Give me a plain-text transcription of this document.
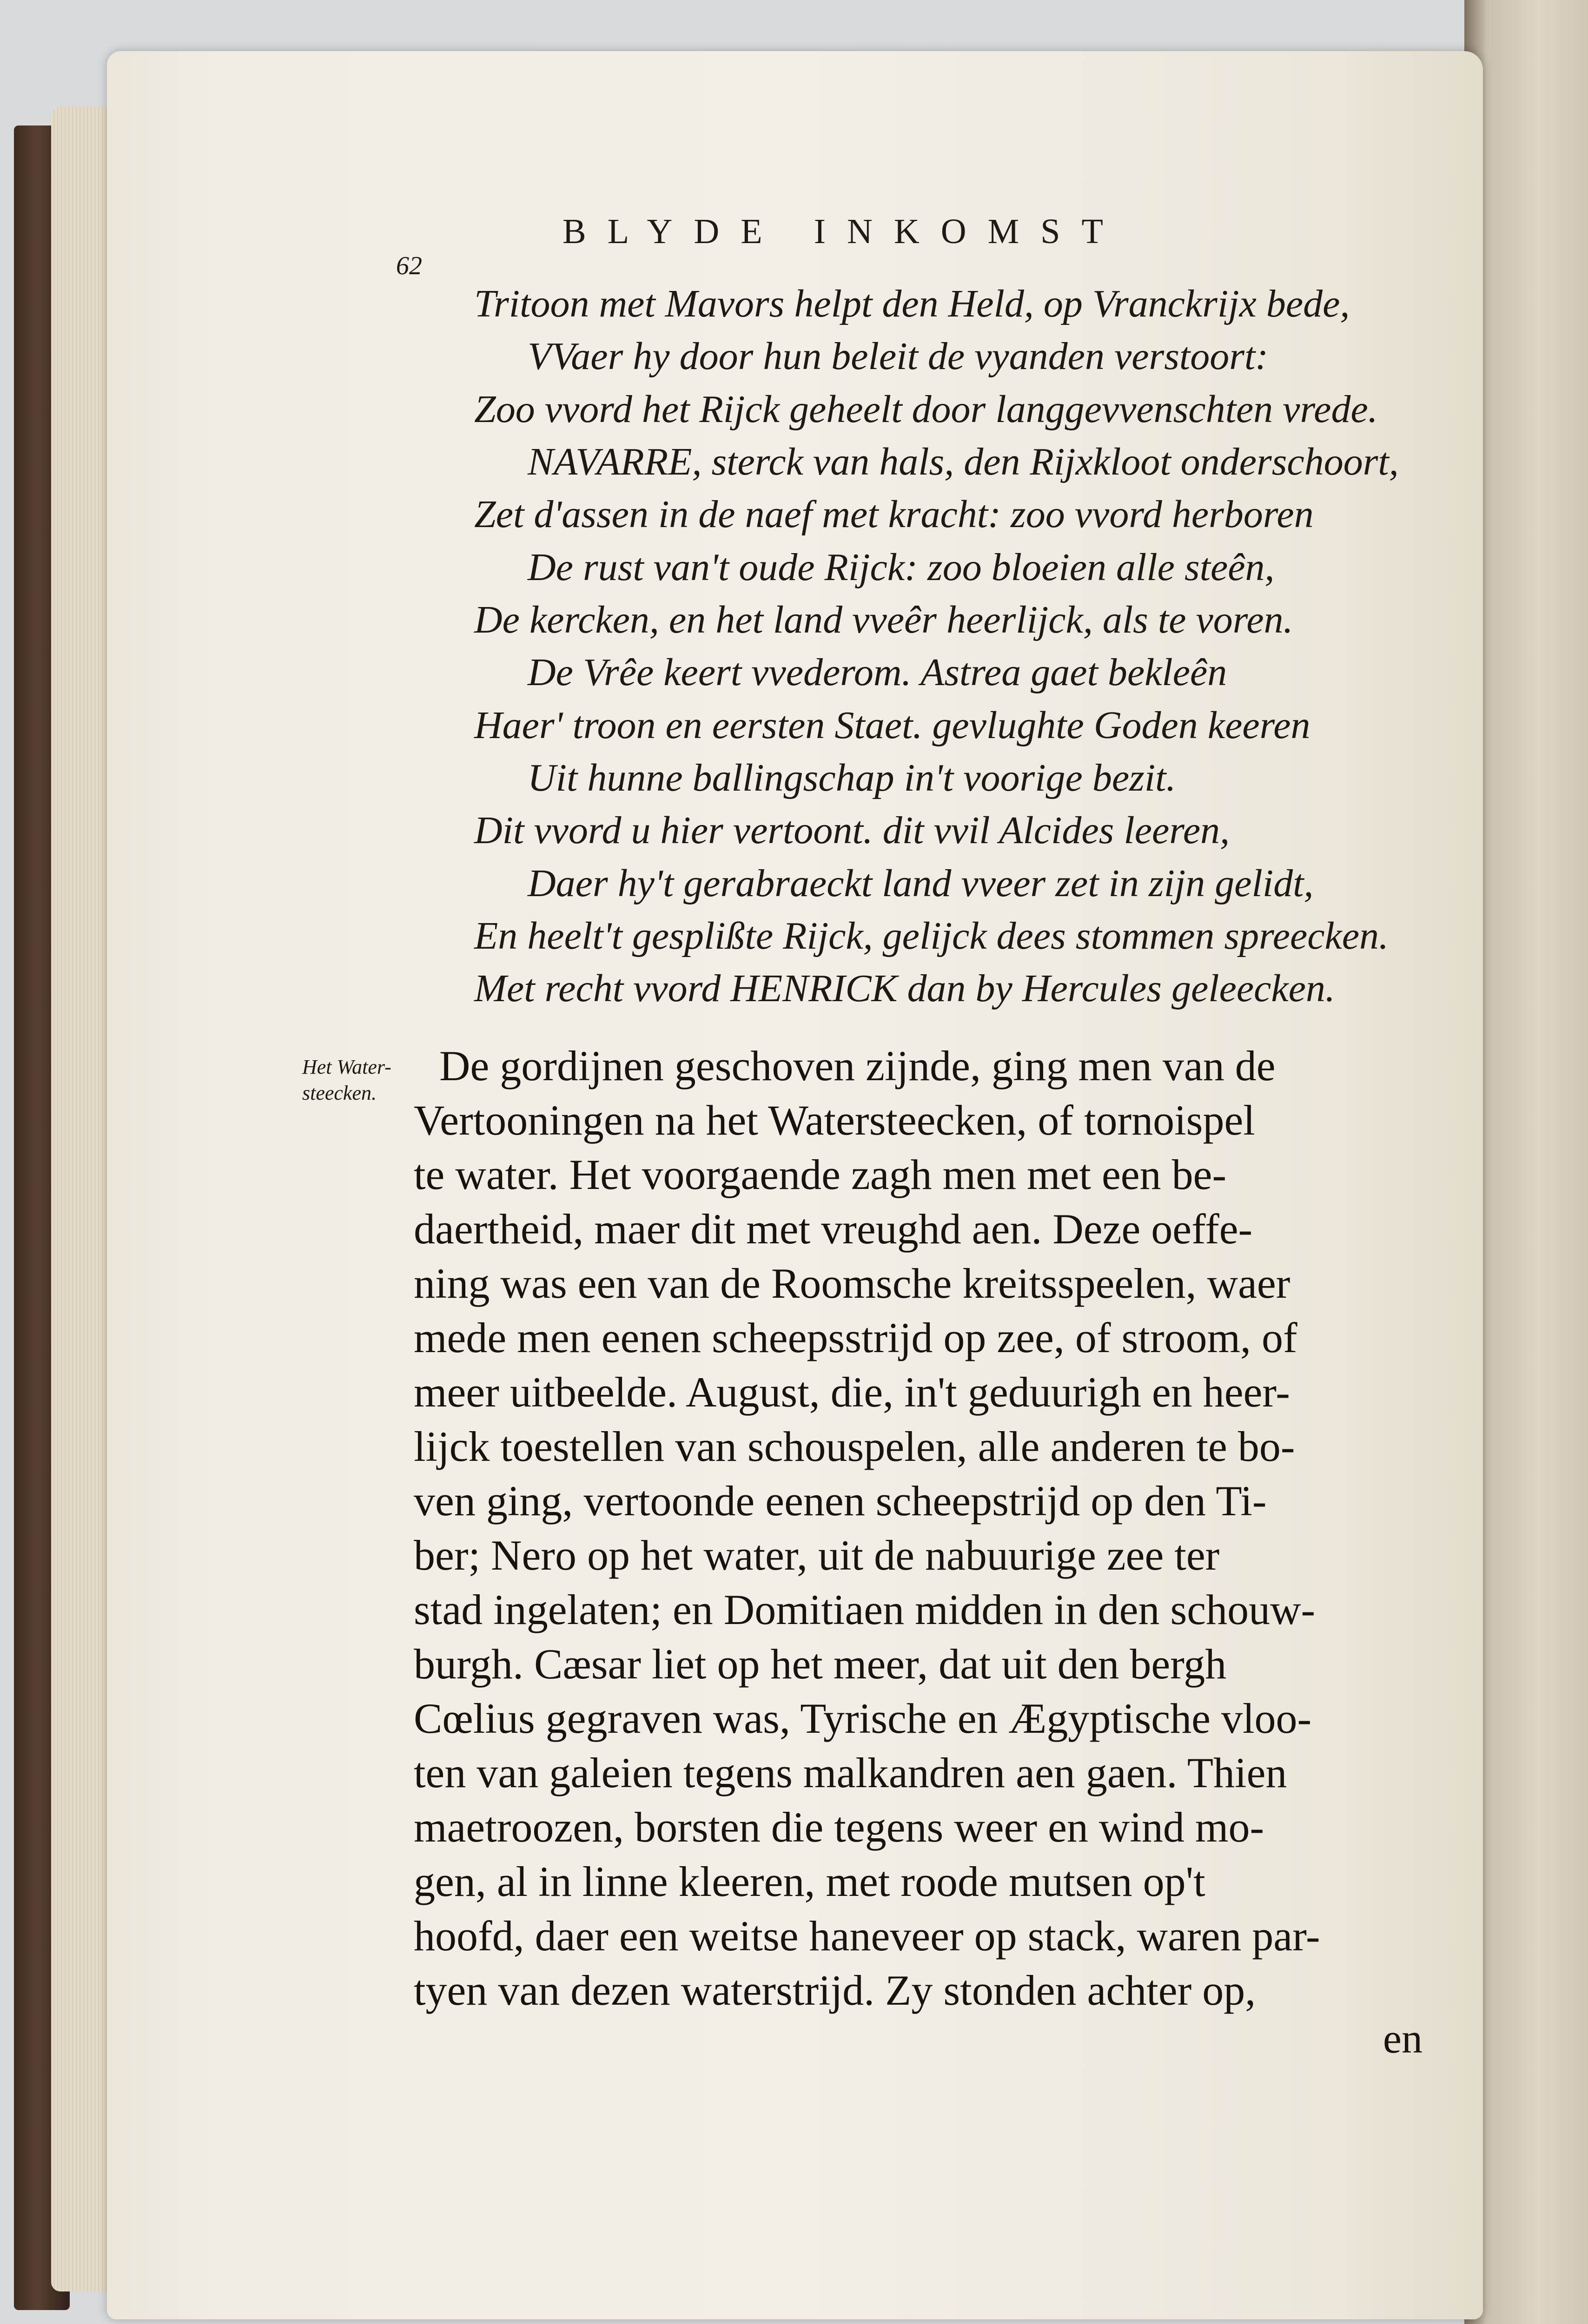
62
BLYDE INKOMST
Tritoon met Mavors helpt den Held, op Vranckrijx bede,
VVaer hy door hun beleit de vyanden verstoort:
Zoo vvord het Rijck geheelt door langgevvenschten vrede.
NAVARRE, sterck van hals, den Rijxkloot onderschoort,
Zet d'assen in de naef met kracht: zoo vvord herboren
De rust van't oude Rijck: zoo bloeien alle steên,
De kercken, en het land vveêr heerlijck, als te voren.
De Vrêe keert vvederom. Astrea gaet bekleên
Haer' troon en eersten Staet. gevlughte Goden keeren
Uit hunne ballingschap in't voorige bezit.
Dit vvord u hier vertoont. dit vvil Alcides leeren,
Daer hy't gerabraeckt land vveer zet in zijn gelidt,
En heelt't gesplißte Rijck, gelijck dees stommen spreecken.
Met recht vvord HENRICK dan by Hercules geleecken.
Het Water-
steecken.
De gordijnen geschoven zijnde, ging men van de
Vertooningen na het Watersteecken, of tornoispel
te water. Het voorgaende zagh men met een be-
daertheid, maer dit met vreughd aen. Deze oeffe-
ning was een van de Roomsche kreitsspeelen, waer
mede men eenen scheepsstrijd op zee, of stroom, of
meer uitbeelde. August, die, in't geduurigh en heer-
lijck toestellen van schouspelen, alle anderen te bo-
ven ging, vertoonde eenen scheepstrijd op den Ti-
ber; Nero op het water, uit de nabuurige zee ter
stad ingelaten; en Domitiaen midden in den schouw-
burgh. Cæsar liet op het meer, dat uit den bergh
Cœlius gegraven was, Tyrische en Ægyptische vloo-
ten van galeien tegens malkandren aen gaen. Thien
maetroozen, borsten die tegens weer en wind mo-
gen, al in linne kleeren, met roode mutsen op't
hoofd, daer een weitse haneveer op stack, waren par-
tyen van dezen waterstrijd. Zy stonden achter op,
en
